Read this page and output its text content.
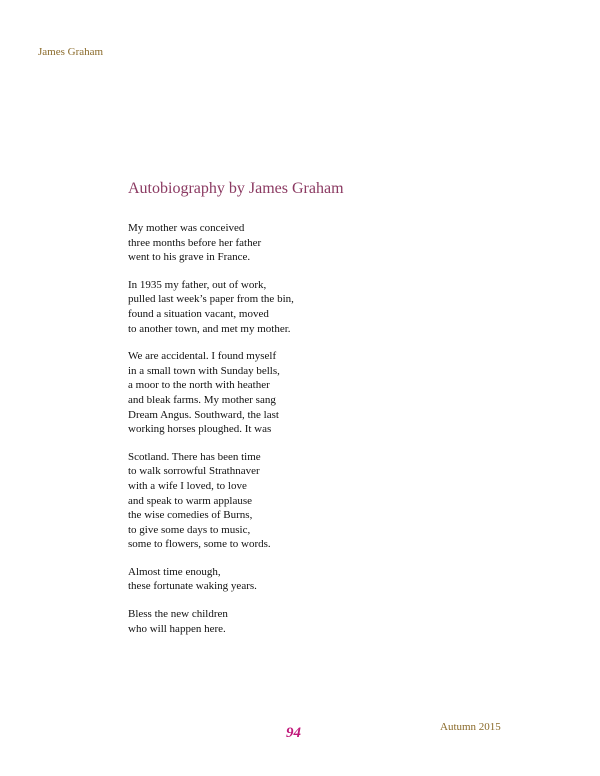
James Graham
Autobiography by James Graham

My mother was conceived
three months before her father
went to his grave in France.

In 1935 my father, out of work,
pulled last week’s paper from the bin,
found a situation vacant, moved
to another town, and met my mother.

We are accidental. I found myself
in a small town with Sunday bells,
a moor to the north with heather
and bleak farms. My mother sang
Dream Angus. Southward, the last
working horses ploughed. It was

Scotland. There has been time
to walk sorrowful Strathnaver
with a wife I loved, to love
and speak to warm applause
the wise comedies of Burns,
to give some days to music,
some to flowers, some to words.

Almost time enough,
these fortunate waking years.

Bless the new children
who will happen here.

94	Autumn 2015
